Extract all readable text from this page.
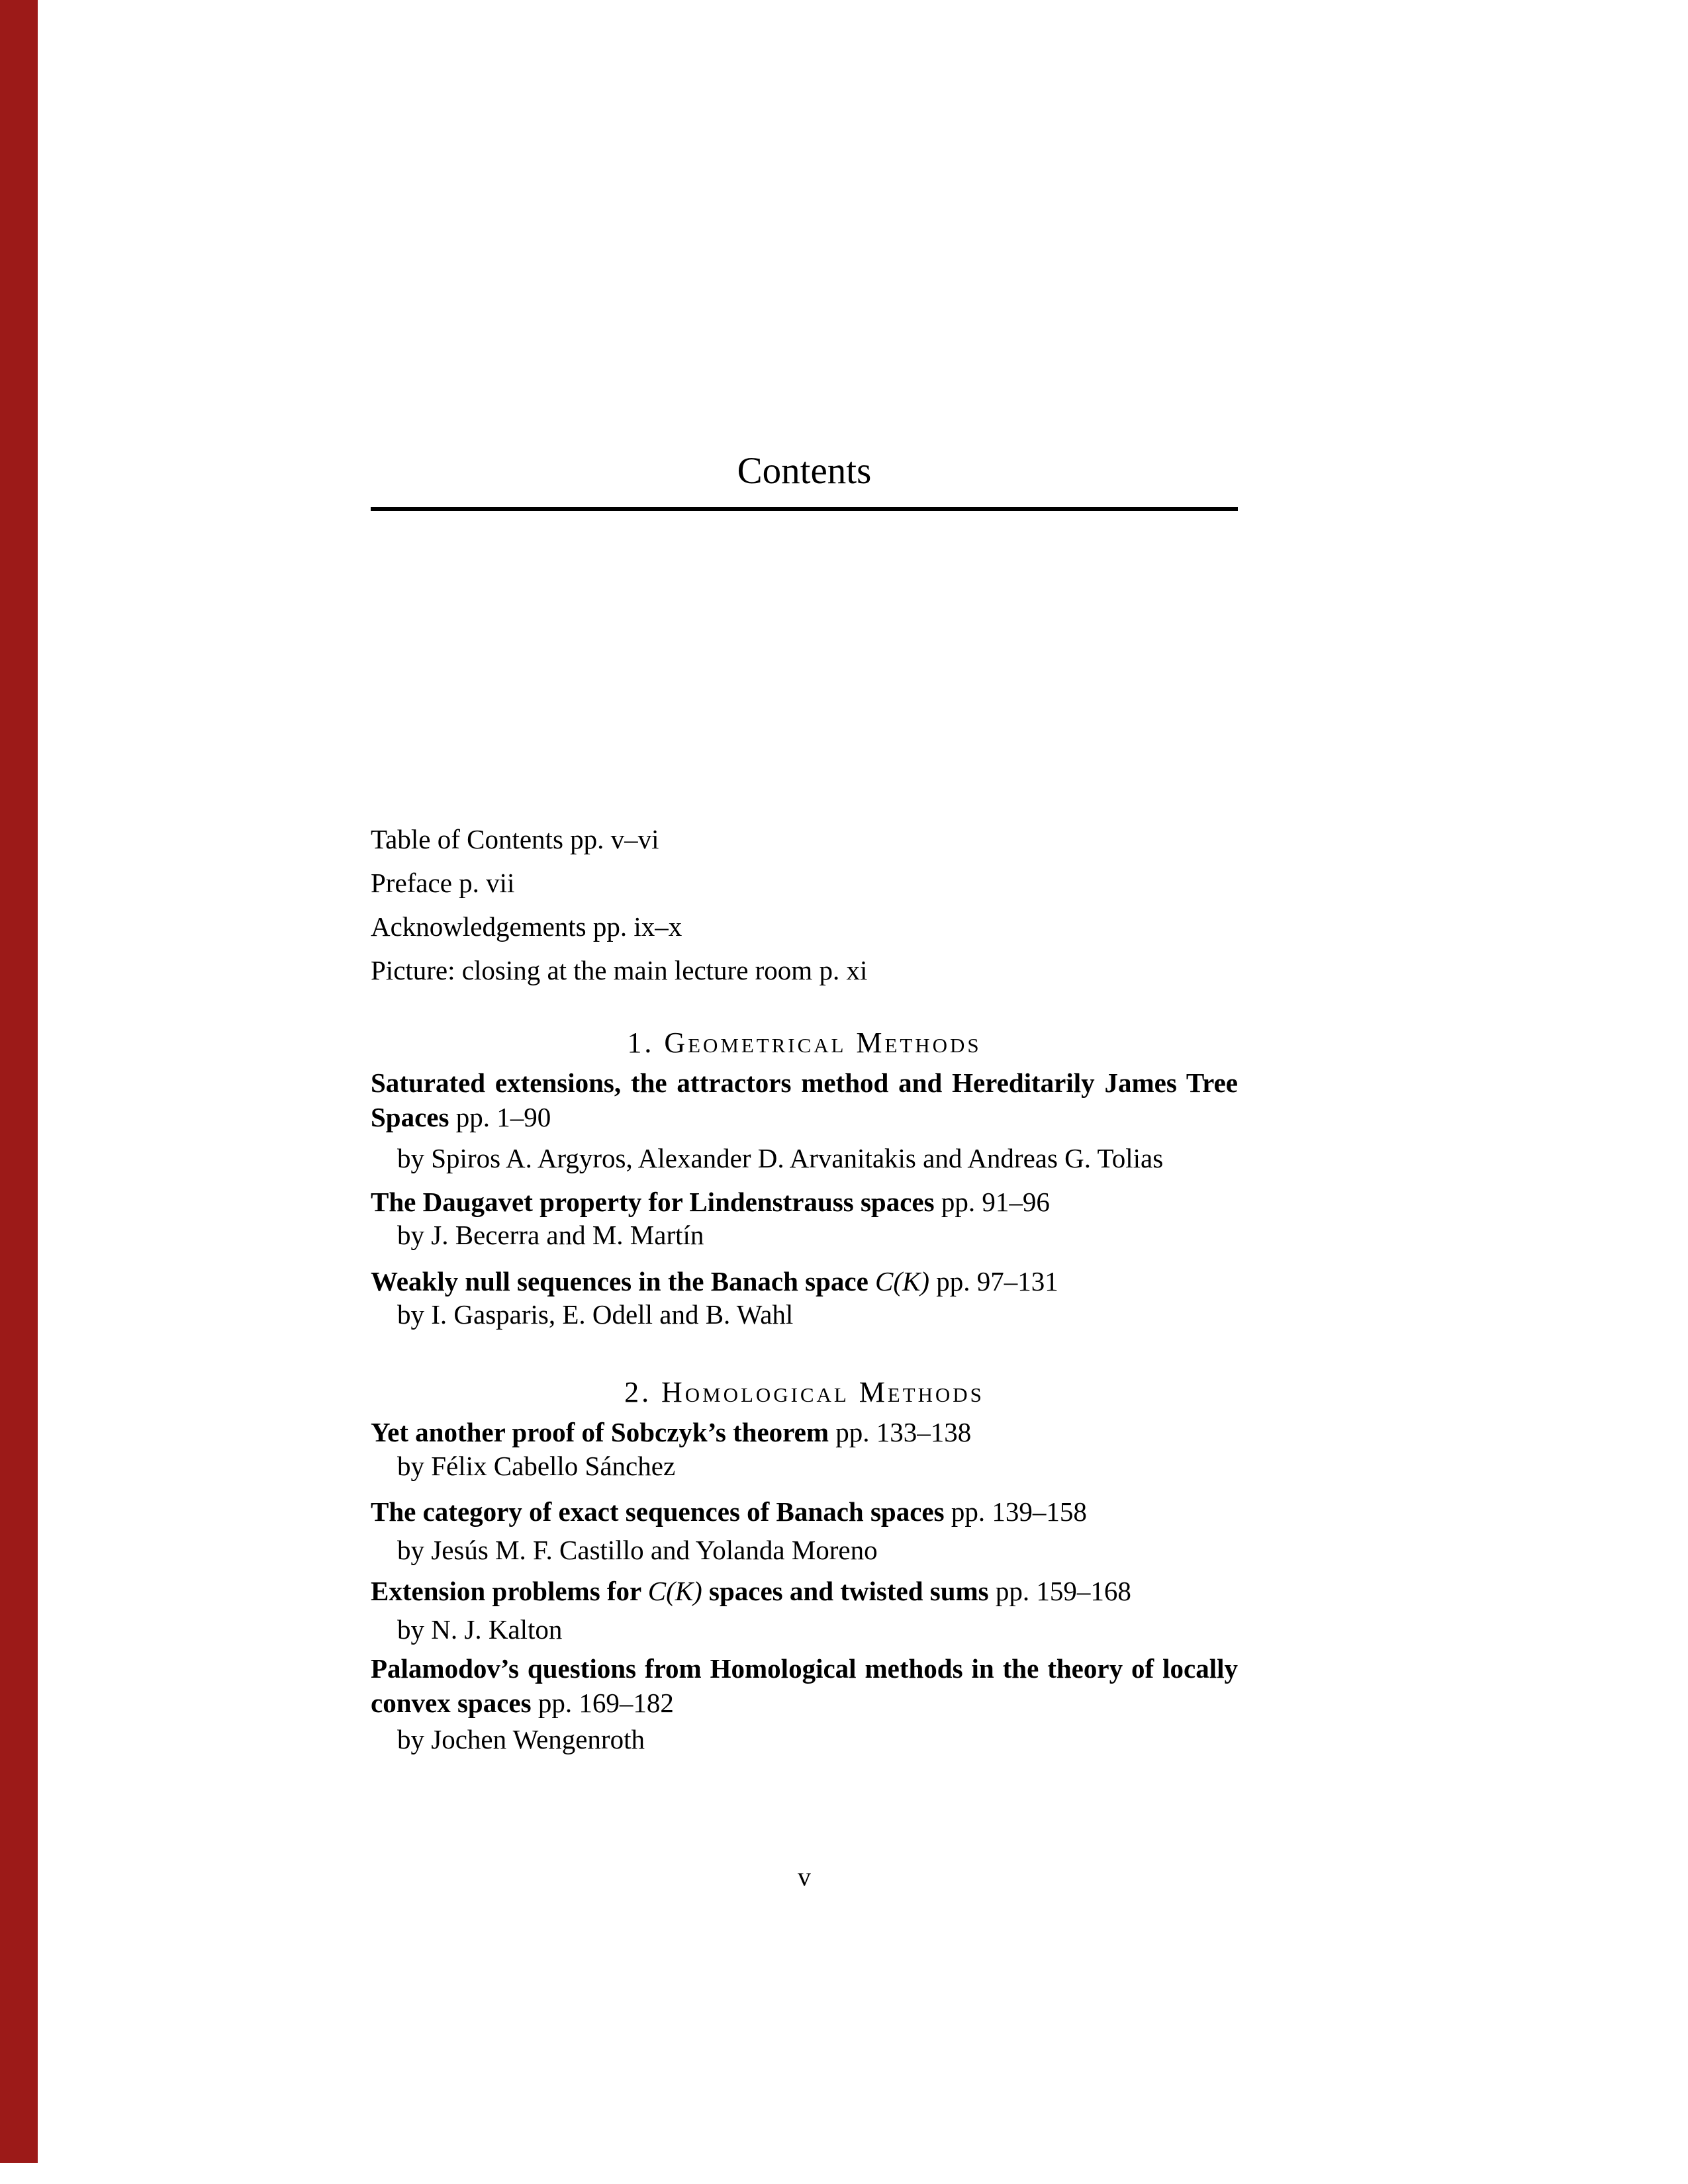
Contents
Table of Contents pp. v–vi
Preface p. vii
Acknowledgements pp. ix–x
Picture: closing at the main lecture room p. xi
1. Geometrical Methods
Saturated extensions, the attractors method and Hereditarily James Tree
Spaces pp. 1–90
by Spiros A. Argyros, Alexander D. Arvanitakis and Andreas G. Tolias
The Daugavet property for Lindenstrauss spaces pp. 91–96
by J. Becerra and M. Martín
Weakly null sequences in the Banach space C(K) pp. 97–131
by I. Gasparis, E. Odell and B. Wahl
2. Homological Methods
Yet another proof of Sobczyk’s theorem pp. 133–138
by Félix Cabello Sánchez
The category of exact sequences of Banach spaces pp. 139–158
by Jesús M. F. Castillo and Yolanda Moreno
Extension problems for C(K) spaces and twisted sums pp. 159–168
by N. J. Kalton
Palamodov’s questions from Homological methods in the theory of locally
convex spaces pp. 169–182
by Jochen Wengenroth
v
